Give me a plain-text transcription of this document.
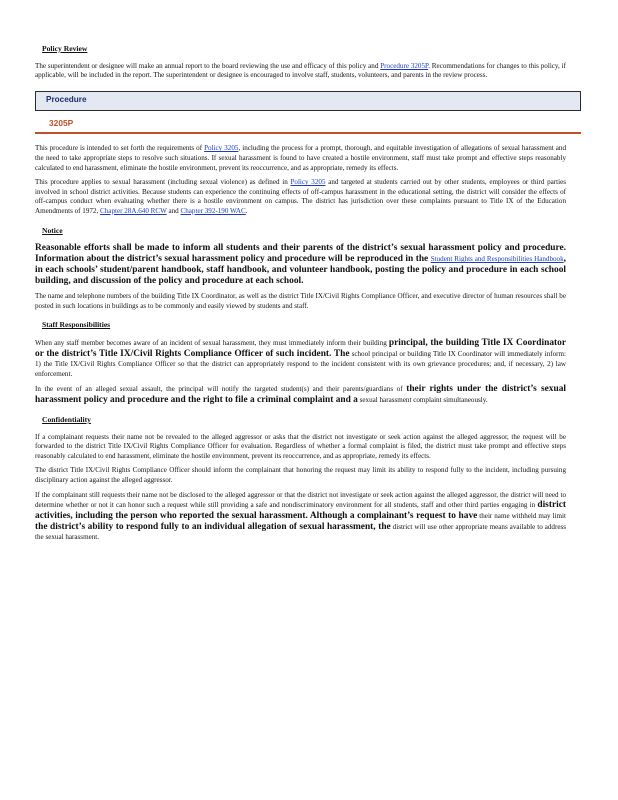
Policy Review
The superintendent or designee will make an annual report to the board reviewing the use and efficacy of this policy and Procedure 3205P. Recommendations for changes to this policy, if applicable, will be included in the report. The superintendent or designee is encouraged to involve staff, students, volunteers, and parents in the review process.
Procedure
3205P
This procedure is intended to set forth the requirements of Policy 3205, including the process for a prompt, thorough, and equitable investigation of allegations of sexual harassment and the need to take appropriate steps to resolve such situations. If sexual harassment is found to have created a hostile environment, staff must take prompt and effective steps reasonably calculated to end harassment, eliminate the hostile environment, prevent its reoccurrence, and as appropriate, remedy its effects.
This procedure applies to sexual harassment (including sexual violence) as defined in Policy 3205 and targeted at students carried out by other students, employees or third parties involved in school district activities. Because students can experience the continuing effects of off-campus harassment in the educational setting, the district will consider the effects of off-campus conduct when evaluating whether there is a hostile environment on campus. The district has jurisdiction over these complaints pursuant to Title IX of the Education Amendments of 1972, Chapter 28A.640 RCW and Chapter 392-190 WAC.
Notice
Reasonable efforts shall be made to inform all students and their parents of the district’s sexual harassment policy and procedure. Information about the district’s sexual harassment policy and procedure will be reproduced in the Student Rights and Responsibilities Handbook, in each schools’ student/parent handbook, staff handbook, and volunteer handbook, posting the policy and procedure in each school building, and discussion of the policy and procedure at each school.
The name and telephone numbers of the building Title IX Coordinator, as well as the district Title IX/Civil Rights Compliance Officer, and executive director of human resources shall be posted in such locations in buildings as to be commonly and easily viewed by students and staff.
Staff Responsibilities
When any staff member becomes aware of an incident of sexual harassment, they must immediately inform their building principal, the building Title IX Coordinator or the district’s Title IX/Civil Rights Compliance Officer of such incident. The school principal or building Title IX Coordinator will immediately inform: 1) the Title IX/Civil Rights Compliance Officer so that the district can appropriately respond to the incident consistent with its own grievance procedures; and, if necessary, 2) law enforcement.
In the event of an alleged sexual assault, the principal will notify the targeted student(s) and their parents/guardians of their rights under the district’s sexual harassment policy and procedure and the right to file a criminal complaint and a sexual harassment complaint simultaneously.
Confidentiality
If a complainant requests their name not be revealed to the alleged aggressor or asks that the district not investigate or seek action against the alleged aggressor, the request will be forwarded to the district Title IX/Civil Rights Compliance Officer for evaluation. Regardless of whether a formal complaint is filed, the district must take prompt and effective steps reasonably calculated to end harassment, eliminate the hostile environment, prevent its reoccurrence, and as appropriate, remedy its effects.
The district Title IX/Civil Rights Compliance Officer should inform the complainant that honoring the request may limit its ability to respond fully to the incident, including pursuing disciplinary action against the alleged aggressor.
If the complainant still requests their name not be disclosed to the alleged aggressor or that the district not investigate or seek action against the alleged aggressor, the district will need to determine whether or not it can honor such a request while still providing a safe and nondiscriminatory environment for all students, staff and other third parties engaging in district activities, including the person who reported the sexual harassment. Although a complainant’s request to have their name withheld may limit the district’s ability to respond fully to an individual allegation of sexual harassment, the district will use other appropriate means available to address the sexual harassment.
